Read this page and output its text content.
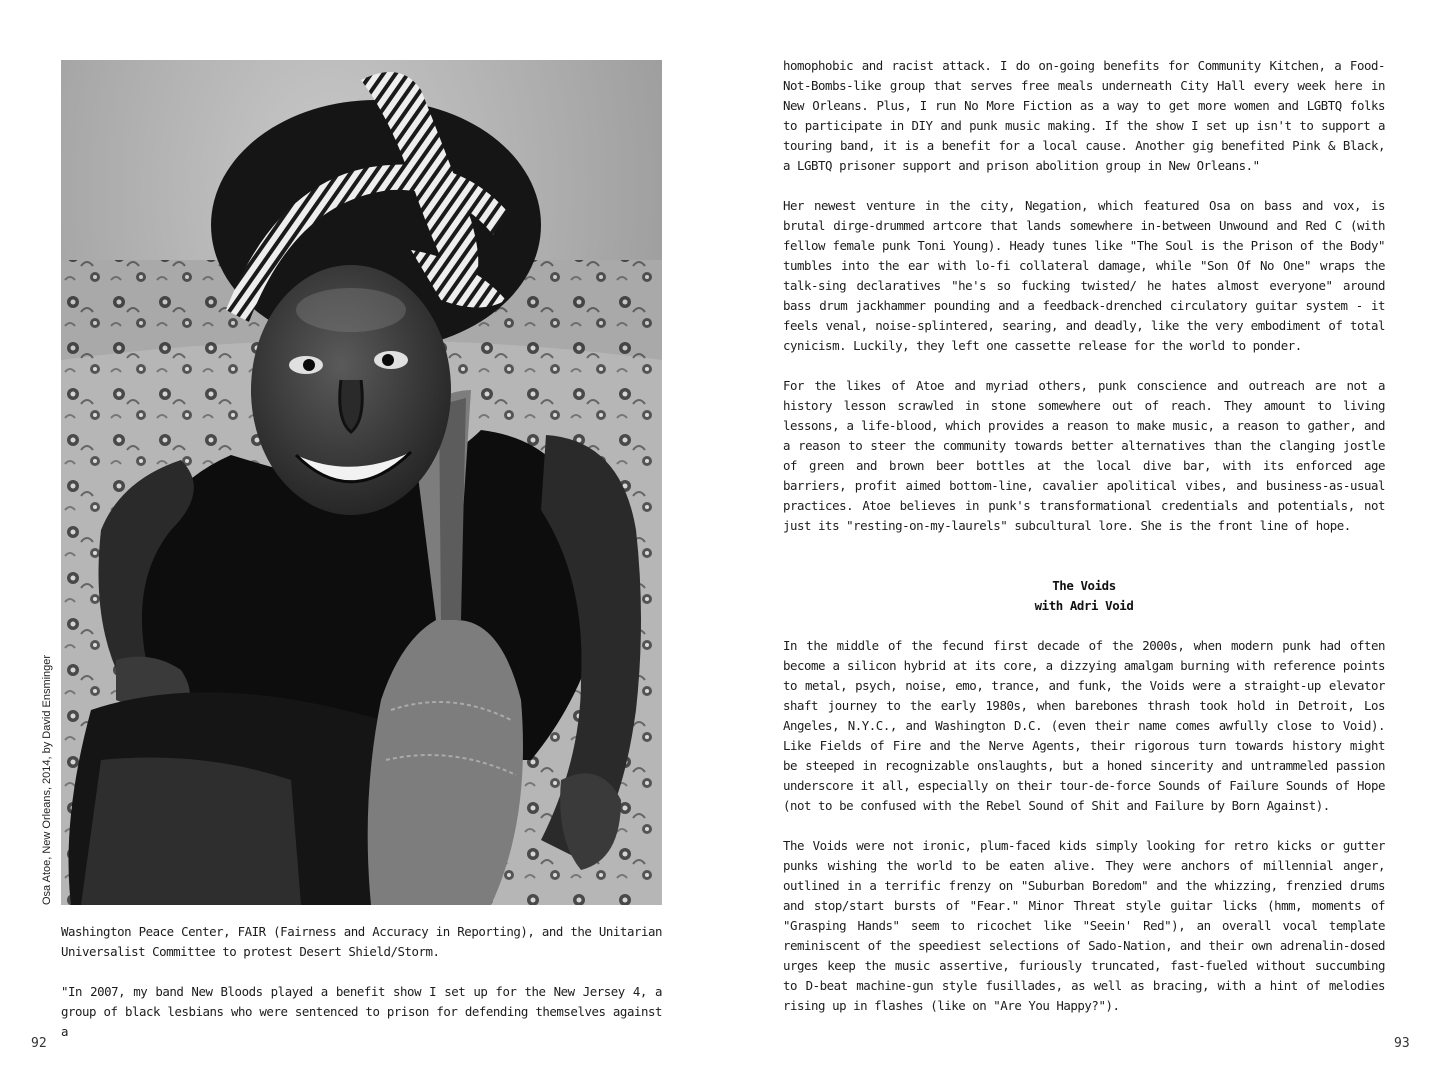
Osa Atoe, New Orleans, 2014, by David Ensminger

Washington Peace Center, FAIR (Fairness and Accuracy in Reporting), and the Unitarian Universalist Committee to protest Desert Shield/Storm.

"In 2007, my band New Bloods played a benefit show I set up for the New Jersey 4, a group of black lesbians who were sentenced to prison for defending themselves against a

92

homophobic and racist attack. I do on-going benefits for Community Kitchen, a Food-Not-Bombs-like group that serves free meals underneath City Hall every week here in New Orleans. Plus, I run No More Fiction as a way to get more women and LGBTQ folks to participate in DIY and punk music making. If the show I set up isn't to support a touring band, it is a benefit for a local cause. Another gig benefited Pink & Black, a LGBTQ prisoner support and prison abolition group in New Orleans."

Her newest venture in the city, Negation, which featured Osa on bass and vox, is brutal dirge-drummed artcore that lands somewhere in-between Unwound and Red C (with fellow female punk Toni Young). Heady tunes like "The Soul is the Prison of the Body" tumbles into the ear with lo-fi collateral damage, while "Son Of No One" wraps the talk-sing declaratives "he's so fucking twisted/ he hates almost everyone" around bass drum jackhammer pounding and a feedback-drenched circulatory guitar system - it feels venal, noise-splintered, searing, and deadly, like the very embodiment of total cynicism. Luckily, they left one cassette release for the world to ponder.

For the likes of Atoe and myriad others, punk conscience and outreach are not a history lesson scrawled in stone somewhere out of reach. They amount to living lessons, a life-blood, which provides a reason to make music, a reason to gather, and a reason to steer the community towards better alternatives than the clanging jostle of green and brown beer bottles at the local dive bar, with its enforced age barriers, profit aimed bottom-line, cavalier apolitical vibes, and business-as-usual practices. Atoe believes in punk's transformational credentials and potentials, not just its "resting-on-my-laurels" subcultural lore. She is the front line of hope.

The Voids
with Adri Void

In the middle of the fecund first decade of the 2000s, when modern punk had often become a silicon hybrid at its core, a dizzying amalgam burning with reference points to metal, psych, noise, emo, trance, and funk, the Voids were a straight-up elevator shaft journey to the early 1980s, when barebones thrash took hold in Detroit, Los Angeles, N.Y.C., and Washington D.C. (even their name comes awfully close to Void). Like Fields of Fire and the Nerve Agents, their rigorous turn towards history might be steeped in recognizable onslaughts, but a honed sincerity and untrammeled passion underscore it all, especially on their tour-de-force Sounds of Failure Sounds of Hope (not to be confused with the Rebel Sound of Shit and Failure by Born Against).

The Voids were not ironic, plum-faced kids simply looking for retro kicks or gutter punks wishing the world to be eaten alive. They were anchors of millennial anger, outlined in a terrific frenzy on "Suburban Boredom" and the whizzing, frenzied drums and stop/start bursts of "Fear." Minor Threat style guitar licks (hmm, moments of "Grasping Hands" seem to ricochet like "Seein' Red"), an overall vocal template reminiscent of the speediest selections of Sado-Nation, and their own adrenalin-dosed urges keep the music assertive, furiously truncated, fast-fueled without succumbing to D-beat machine-gun style fusillades, as well as bracing, with a hint of melodies rising up in flashes (like on "Are You Happy?").

93
